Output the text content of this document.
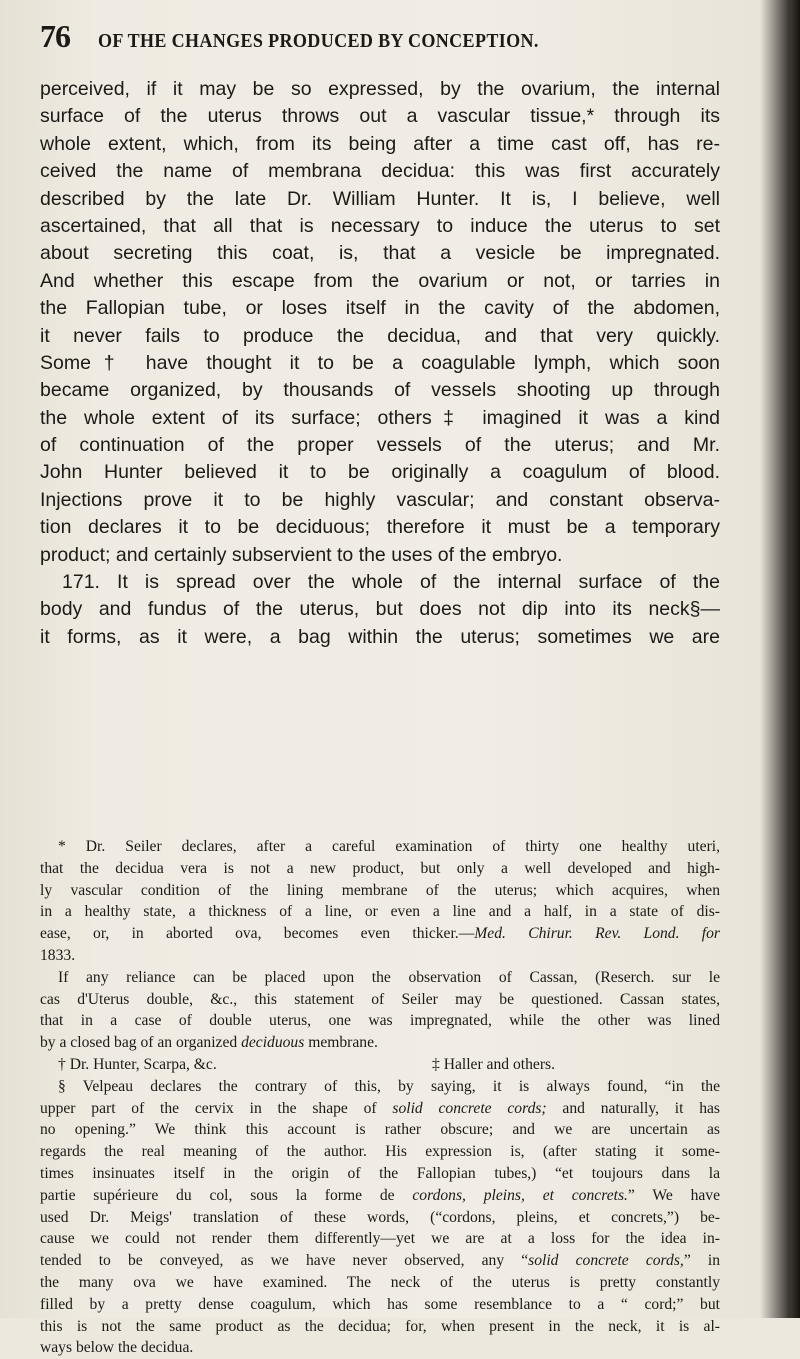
76 OF THE CHANGES PRODUCED BY CONCEPTION.
perceived, if it may be so expressed, by the ovarium, the internal
surface of the uterus throws out a vascular tissue,* through its
whole extent, which, from its being after a time cast off, has re-
ceived the name of membrana decidua: this was first accurately
described by the late Dr. William Hunter. It is, I believe, well
ascertained, that all that is necessary to induce the uterus to set
about secreting this coat, is, that a vesicle be impregnated.
And whether this escape from the ovarium or not, or tarries in
the Fallopian tube, or loses itself in the cavity of the abdomen,
it never fails to produce the decidua, and that very quickly.
Some† have thought it to be a coagulable lymph, which soon
became organized, by thousands of vessels shooting up through
the whole extent of its surface; others‡ imagined it was a kind
of continuation of the proper vessels of the uterus; and Mr.
John Hunter believed it to be originally a coagulum of blood.
Injections prove it to be highly vascular; and constant observa-
tion declares it to be deciduous; therefore it must be a temporary
product; and certainly subservient to the uses of the embryo.
171. It is spread over the whole of the internal surface of the
body and fundus of the uterus, but does not dip into its neck§—
it forms, as it were, a bag within the uterus; sometimes we are
* Dr. Seiler declares, after a careful examination of thirty one healthy uteri,
that the decidua vera is not a new product, but only a well developed and high-
ly vascular condition of the lining membrane of the uterus; which acquires, when
in a healthy state, a thickness of a line, or even a line and a half, in a state of dis-
ease, or, in aborted ova, becomes even thicker.—Med. Chirur. Rev. Lond. for
1833.
If any reliance can be placed upon the observation of Cassan, (Reserch. sur le
cas d'Uterus double, &c., this statement of Seiler may be questioned. Cassan states,
that in a case of double uterus, one was impregnated, while the other was lined
by a closed bag of an organized deciduous membrane.
† Dr. Hunter, Scarpa, &c.	‡ Haller and others.
§ Velpeau declares the contrary of this, by saying, it is always found, “in the
upper part of the cervix in the shape of solid concrete cords; and naturally, it has
no opening.” We think this account is rather obscure; and we are uncertain as
regards the real meaning of the author. His expression is, (after stating it some-
times insinuates itself in the origin of the Fallopian tubes,) “et toujours dans la
partie supérieure du col, sous la forme de cordons, pleins, et concrets.” We have
used Dr. Meigs' translation of these words, (“cordons, pleins, et concrets,”) be-
cause we could not render them differently—yet we are at a loss for the idea in-
tended to be conveyed, as we have never observed, any “solid concrete cords,” in
the many ova we have examined. The neck of the uterus is pretty constantly
filled by a pretty dense coagulum, which has some resemblance to a “ cord;” but
this is not the same product as the decidua; for, when present in the neck, it is al-
ways below the decidua.
